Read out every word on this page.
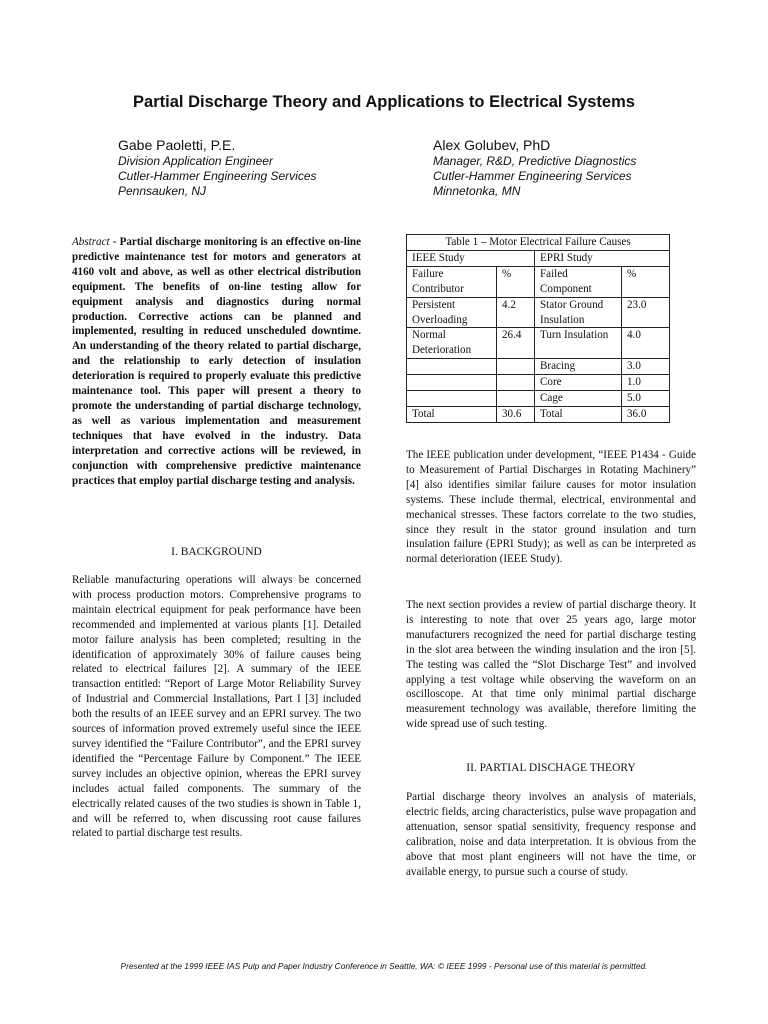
Partial Discharge Theory and Applications to Electrical Systems
Gabe Paoletti, P.E.
Division Application Engineer
Cutler-Hammer Engineering Services
Pennsauken, NJ
Alex Golubev, PhD
Manager, R&D, Predictive Diagnostics
Cutler-Hammer Engineering Services
Minnetonka, MN
Abstract - Partial discharge monitoring is an effective on-line predictive maintenance test for motors and generators at 4160 volt and above, as well as other electrical distribution equipment. The benefits of on-line testing allow for equipment analysis and diagnostics during normal production. Corrective actions can be planned and implemented, resulting in reduced unscheduled downtime. An understanding of the theory related to partial discharge, and the relationship to early detection of insulation deterioration is required to properly evaluate this predictive maintenance tool. This paper will present a theory to promote the understanding of partial discharge technology, as well as various implementation and measurement techniques that have evolved in the industry. Data interpretation and corrective actions will be reviewed, in conjunction with comprehensive predictive maintenance practices that employ partial discharge testing and analysis.
I. BACKGROUND
Reliable manufacturing operations will always be concerned with process production motors. Comprehensive programs to maintain electrical equipment for peak performance have been recommended and implemented at various plants [1]. Detailed motor failure analysis has been completed; resulting in the identification of approximately 30% of failure causes being related to electrical failures [2]. A summary of the IEEE transaction entitled: “Report of Large Motor Reliability Survey of Industrial and Commercial Installations, Part I [3] included both the results of an IEEE survey and an EPRI survey. The two sources of information proved extremely useful since the IEEE survey identified the “Failure Contributor”, and the EPRI survey identified the “Percentage Failure by Component.” The IEEE survey includes an objective opinion, whereas the EPRI survey includes actual failed components. The summary of the electrically related causes of the two studies is shown in Table 1, and will be referred to, when discussing root cause failures related to partial discharge test results.
Table 1 – Motor Electrical Failure Causes			
IEEE Study		EPRI Study	
Failure Contributor	%	Failed Component	%
Persistent Overloading	4.2	Stator Ground Insulation	23.0
Normal Deterioration	26.4	Turn Insulation	4.0
		Bracing	3.0
		Core	1.0
		Cage	5.0
Total	30.6	Total	36.0
The IEEE publication under development, “IEEE P1434 - Guide to Measurement of Partial Discharges in Rotating Machinery” [4] also identifies similar failure causes for motor insulation systems. These include thermal, electrical, environmental and mechanical stresses. These factors correlate to the two studies, since they result in the stator ground insulation and turn insulation failure (EPRI Study); as well as can be interpreted as normal deterioration (IEEE Study).
The next section provides a review of partial discharge theory. It is interesting to note that over 25 years ago, large motor manufacturers recognized the need for partial discharge testing in the slot area between the winding insulation and the iron [5]. The testing was called the “Slot Discharge Test” and involved applying a test voltage while observing the waveform on an oscilloscope. At that time only minimal partial discharge measurement technology was available, therefore limiting the wide spread use of such testing.
II. PARTIAL DISCHAGE THEORY
Partial discharge theory involves an analysis of materials, electric fields, arcing characteristics, pulse wave propagation and attenuation, sensor spatial sensitivity, frequency response and calibration, noise and data interpretation. It is obvious from the above that most plant engineers will not have the time, or available energy, to pursue such a course of study.
Presented at the 1999 IEEE IAS Pulp and Paper Industry Conference in Seattle, WA: © IEEE 1999 - Personal use of this material is permitted.
